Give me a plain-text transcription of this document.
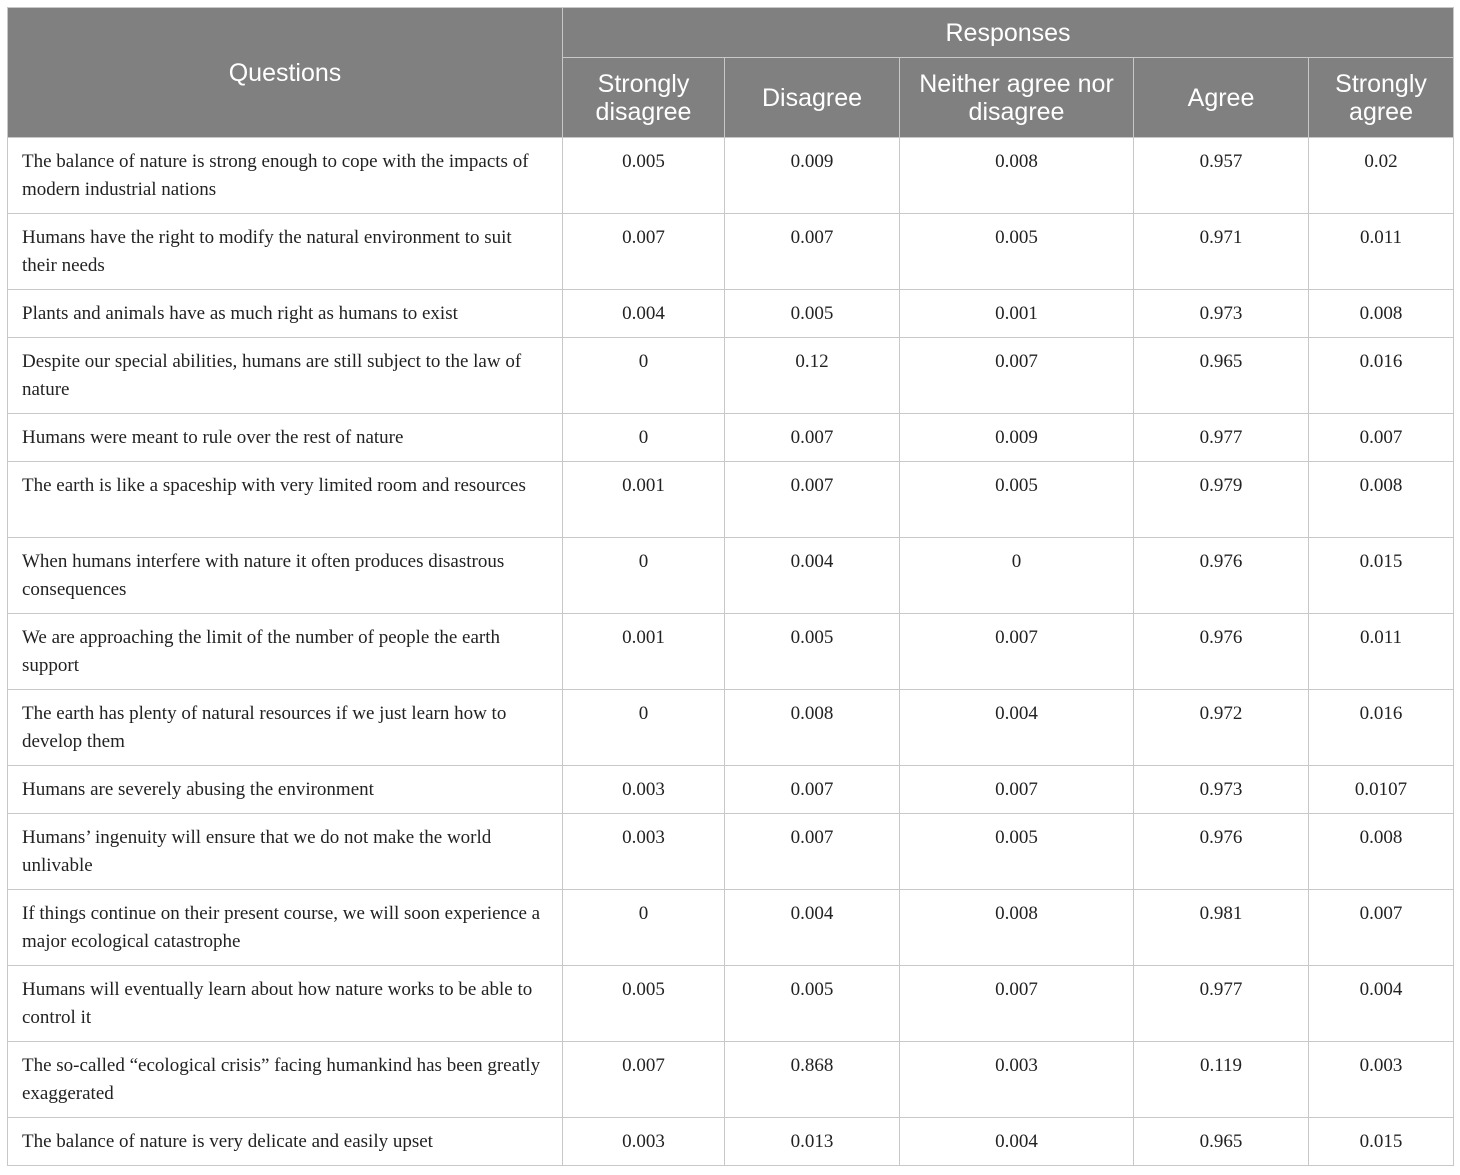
Questions	Responses				
	Strongly disagree	Disagree	Neither agree nor disagree	Agree	Strongly agree
The balance of nature is strong enough to cope with the impacts of modern industrial nations	0.005	0.009	0.008	0.957	0.02
Humans have the right to modify the natural environment to suit their needs	0.007	0.007	0.005	0.971	0.011
Plants and animals have as much right as humans to exist	0.004	0.005	0.001	0.973	0.008
Despite our special abilities, humans are still subject to the law of nature	0	0.12	0.007	0.965	0.016
Humans were meant to rule over the rest of nature	0	0.007	0.009	0.977	0.007
The earth is like a spaceship with very limited room and resources	0.001	0.007	0.005	0.979	0.008
When humans interfere with nature it often produces disastrous consequences	0	0.004	0	0.976	0.015
We are approaching the limit of the number of people the earth support	0.001	0.005	0.007	0.976	0.011
The earth has plenty of natural resources if we just learn how to develop them	0	0.008	0.004	0.972	0.016
Humans are severely abusing the environment	0.003	0.007	0.007	0.973	0.0107
Humans’ ingenuity will ensure that we do not make the world unlivable	0.003	0.007	0.005	0.976	0.008
If things continue on their present course, we will soon experience a major ecological catastrophe	0	0.004	0.008	0.981	0.007
Humans will eventually learn about how nature works to be able to control it	0.005	0.005	0.007	0.977	0.004
The so-called “ecological crisis” facing humankind has been greatly exaggerated	0.007	0.868	0.003	0.119	0.003
The balance of nature is very delicate and easily upset	0.003	0.013	0.004	0.965	0.015
